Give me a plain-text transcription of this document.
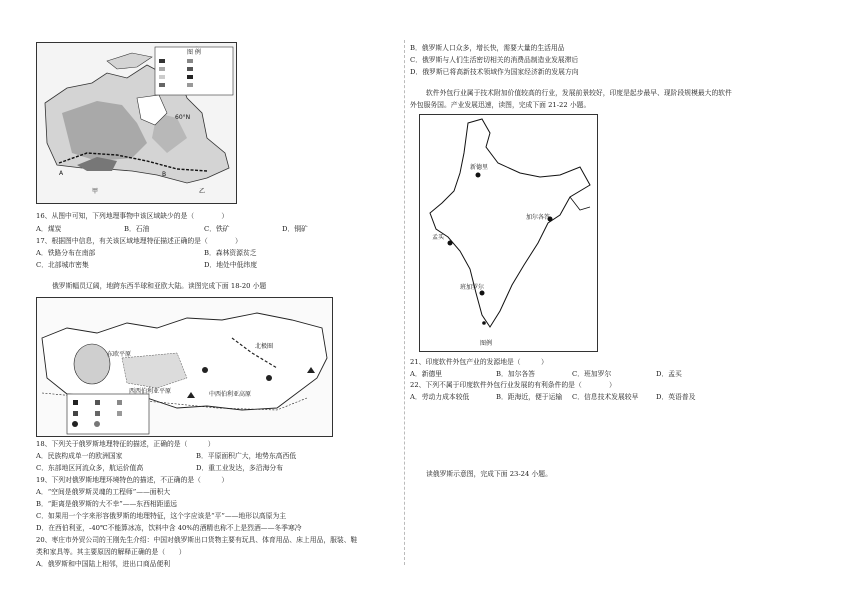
图 例
60°N
A	B
甲	乙
16、从图中可知，下列地理事物中该区域缺少的是（　　　　）
A．煤炭	B．石油	C．铁矿	D．铜矿
17、根据图中信息，有关该区域地理特征描述正确的是（　　　　）
A．铁路分布在南部	B．森林资源贫乏
C．北部城市密集	D．地处中低纬度
俄罗斯幅员辽阔，地跨东西半球和亚欧大陆。读图完成下面 18-20 小题
东欧平原
西西伯利亚平原	中西伯利亚高原
北极圈
18、下列关于俄罗斯地理特征的描述，正确的是（　　　）
A．民族构成单一的欧洲国家	B．平原面积广大，地势东高西低
C．东部地区河流众多，航运价值高	D．重工业发达，多沿海分布
19、下列对俄罗斯地理环境特色的描述，不正确的是（　　　）
A．“空间是俄罗斯灵魂的工程师”——面积大
B．“距离是俄罗斯的大不幸”——东西相距遥远
C．如果用一个字来形容俄罗斯的地理特征，这个字应该是“平”——地形以高原为主
D．在西伯利亚，-40℃不能算冰冻，饮料中含 40%的酒精也称不上是烈酒——冬季寒冷
20、枣庄市外贸公司的王刚先生介绍：中国对俄罗斯出口货物主要有玩具、体育用品、床上用品，服装、鞋
类和家具等。其主要原因的解释正确的是（　　）
A．俄罗斯和中国陆上相邻，进出口商品便利
B．俄罗斯人口众多，增长快，需要大量的生活用品
C．俄罗斯与人们生活密切相关的消费品制造业发展滞后
D．俄罗斯已将高新技术领域作为国家经济新的发展方向
软件外包行业属于技术附加价值较高的行业，发展前景较好，印度是起步最早、现阶段规模最大的软件
外包服务国。产业发展迅速，读图，完成下面 21-22 小题。
新德里
加尔各答
孟买
班加罗尔
图例
21、印度软件外包产业的发源地是（　　　）
A．新德里	B．加尔各答	C．班加罗尔	D．孟买
22、下列不属于印度软件外包行业发展的有利条件的是（　　　　）
A．劳动力成本较低	B．距海近，便于运输 C．信息技术发展较早	D．英语普及
读俄罗斯示意图，完成下面 23-24 小题。
